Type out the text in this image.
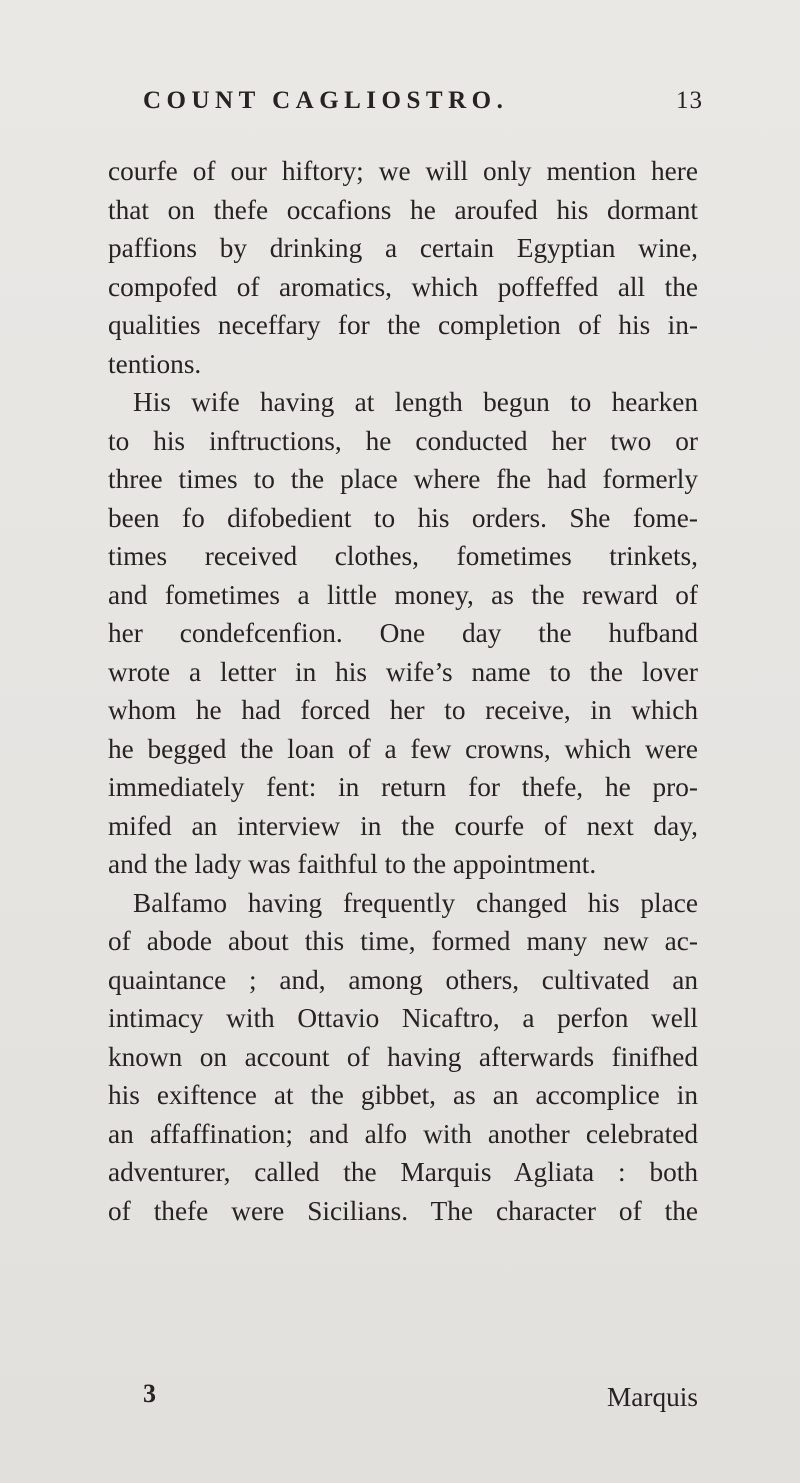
COUNT CAGLIOSTRO.	13
courfe of our hiftory; we will only mention here
that on thefe occafions he aroufed his dormant
paffions by drinking a certain Egyptian wine,
compofed of aromatics, which poffeffed all the
qualities neceffary for the completion of his in-
tentions.
His wife having at length begun to hearken
to his inftructions, he conducted her two or
three times to the place where fhe had formerly
been fo difobedient to his orders. She fome-
times received clothes, fometimes trinkets,
and fometimes a little money, as the reward of
her condefcenfion. One day the hufband
wrote a letter in his wife’s name to the lover
whom he had forced her to receive, in which
he begged the loan of a few crowns, which were
immediately fent: in return for thefe, he pro-
mifed an interview in the courfe of next day,
and the lady was faithful to the appointment.
Balfamo having frequently changed his place
of abode about this time, formed many new ac-
quaintance ; and, among others, cultivated an
intimacy with Ottavio Nicaftro, a perfon well
known on account of having afterwards finifhed
his exiftence at the gibbet, as an accomplice in
an affaffination; and alfo with another celebrated
adventurer, called the Marquis Agliata : both
of thefe were Sicilians. The character of the
3	Marquis
